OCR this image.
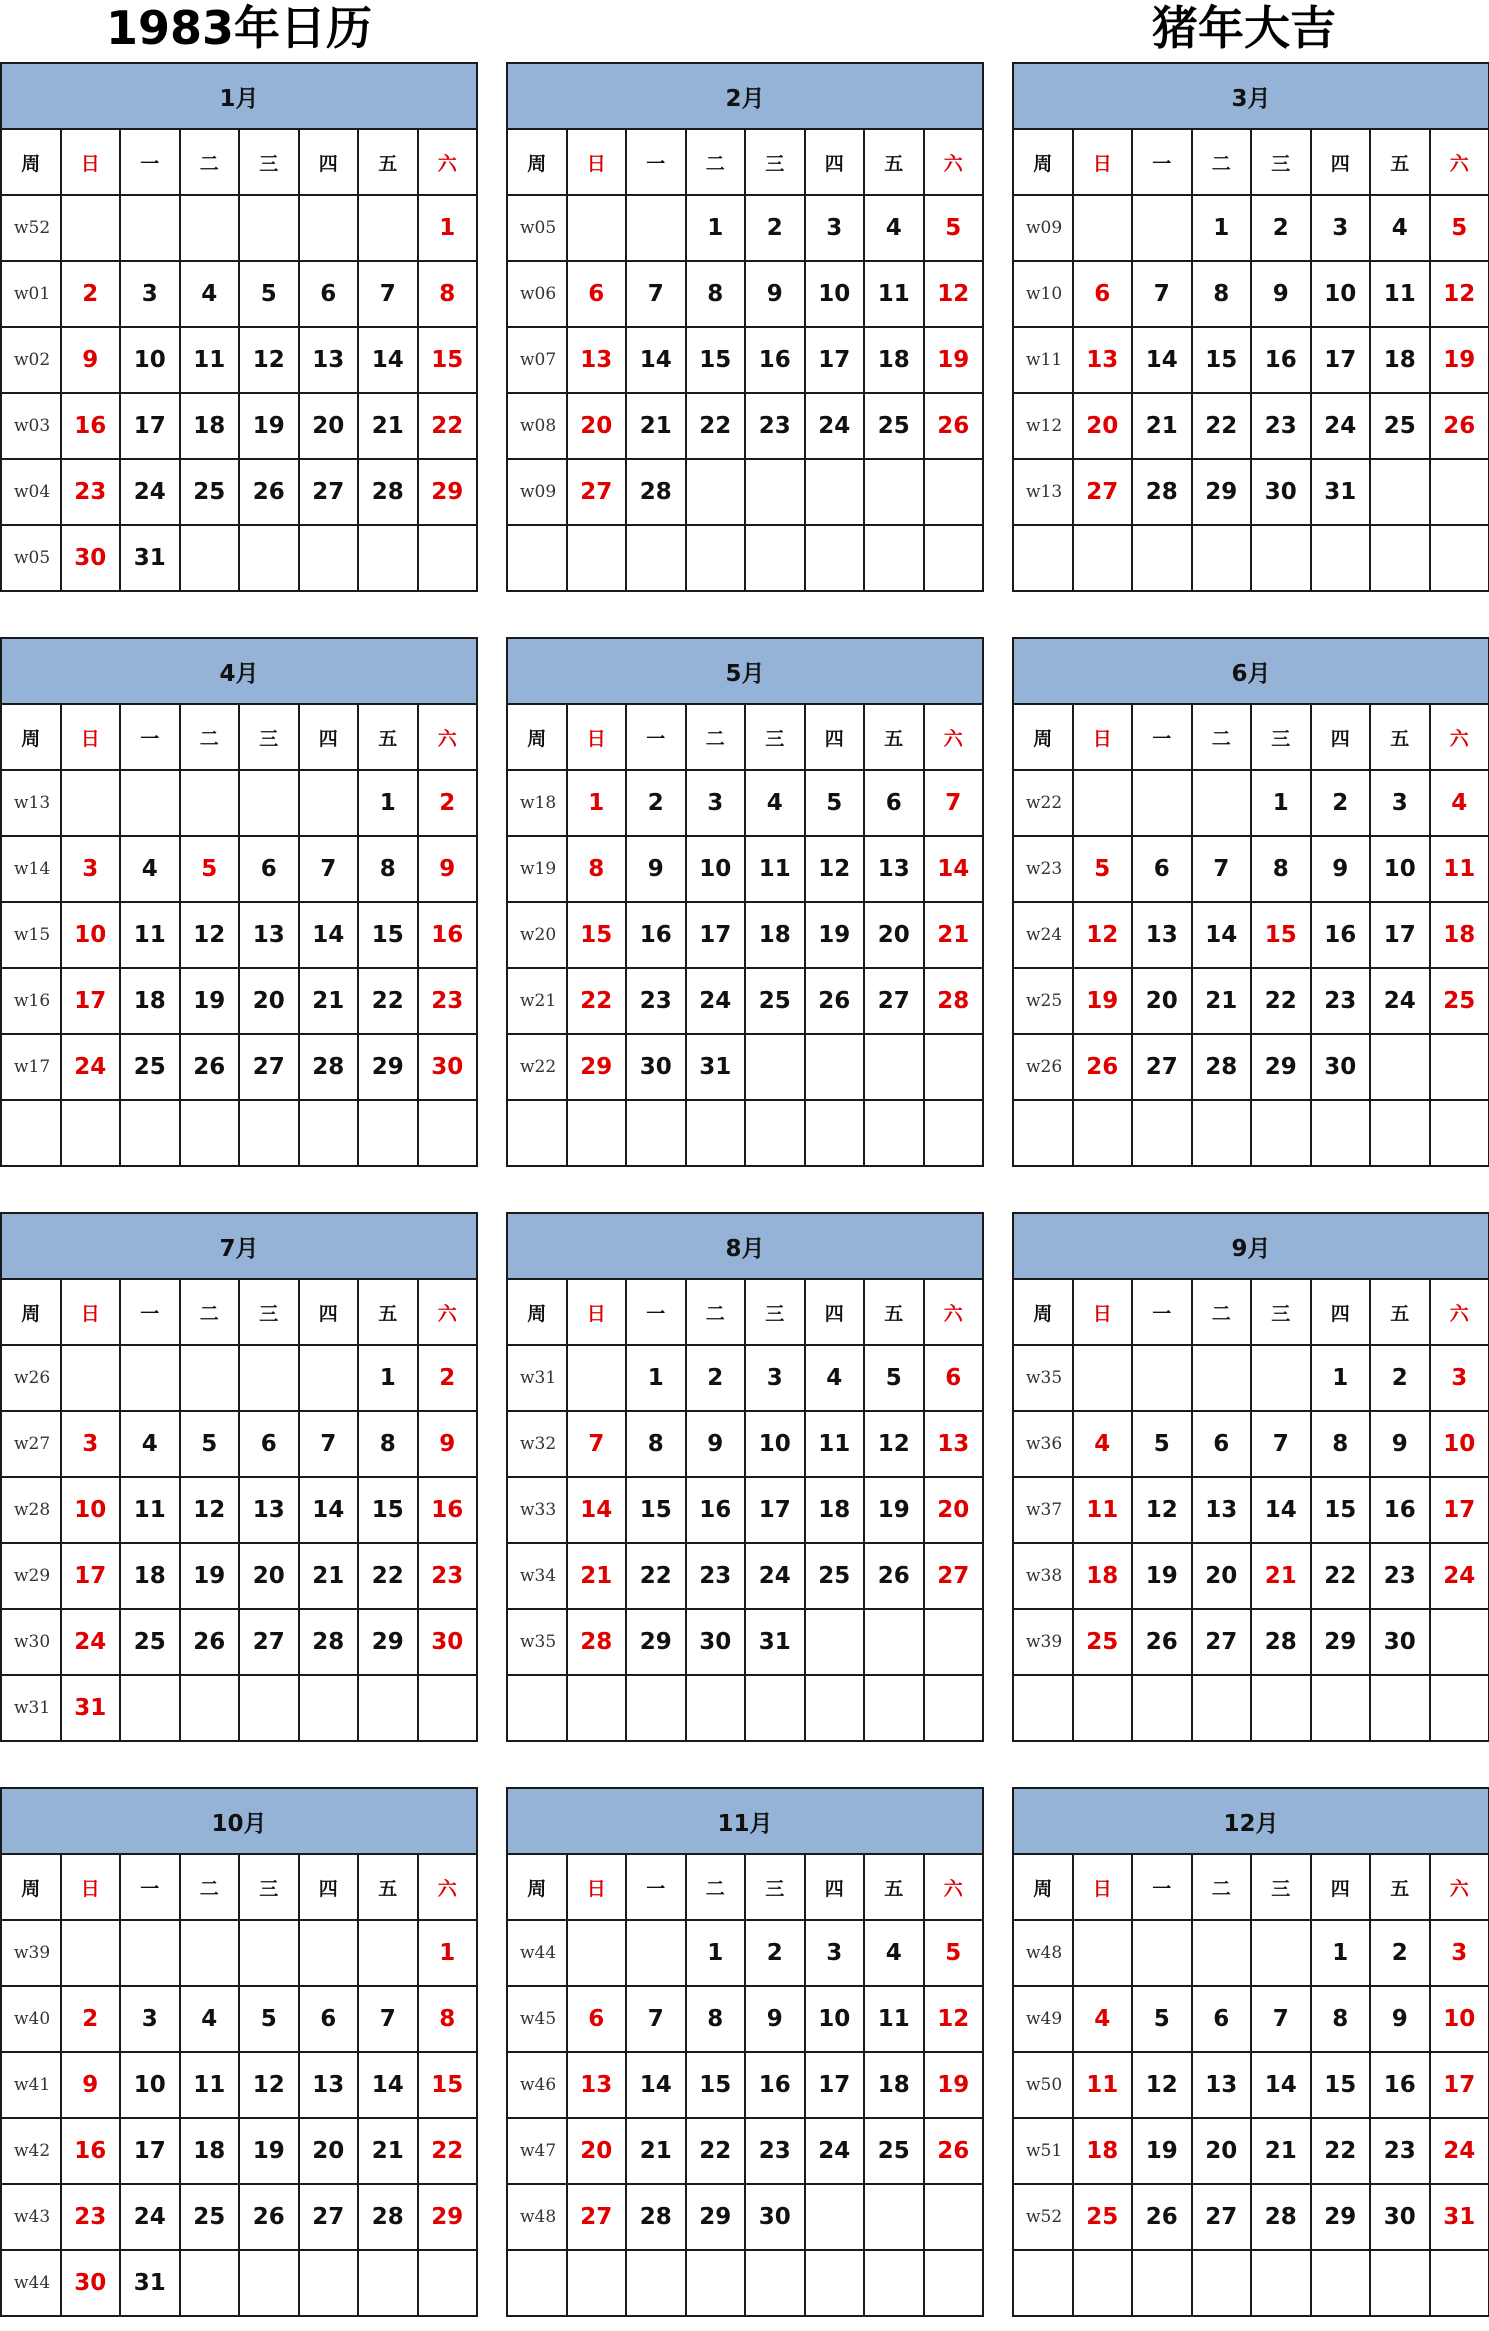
1983年日历	猪年大吉
1月							
周	日	一	二	三	四	五	六
w52							1
w01	2	3	4	5	6	7	8
w02	9	10	11	12	13	14	15
w03	16	17	18	19	20	21	22
w04	23	24	25	26	27	28	29
w05	30	31					
2月							
周	日	一	二	三	四	五	六
w05			1	2	3	4	5
w06	6	7	8	9	10	11	12
w07	13	14	15	16	17	18	19
w08	20	21	22	23	24	25	26
w09	27	28					

3月							
周	日	一	二	三	四	五	六
w09			1	2	3	4	5
w10	6	7	8	9	10	11	12
w11	13	14	15	16	17	18	19
w12	20	21	22	23	24	25	26
w13	27	28	29	30	31		

4月							
周	日	一	二	三	四	五	六
w13						1	2
w14	3	4	5	6	7	8	9
w15	10	11	12	13	14	15	16
w16	17	18	19	20	21	22	23
w17	24	25	26	27	28	29	30

5月							
周	日	一	二	三	四	五	六
w18	1	2	3	4	5	6	7
w19	8	9	10	11	12	13	14
w20	15	16	17	18	19	20	21
w21	22	23	24	25	26	27	28
w22	29	30	31				

6月							
周	日	一	二	三	四	五	六
w22				1	2	3	4
w23	5	6	7	8	9	10	11
w24	12	13	14	15	16	17	18
w25	19	20	21	22	23	24	25
w26	26	27	28	29	30		

7月							
周	日	一	二	三	四	五	六
w26						1	2
w27	3	4	5	6	7	8	9
w28	10	11	12	13	14	15	16
w29	17	18	19	20	21	22	23
w30	24	25	26	27	28	29	30
w31	31						
8月							
周	日	一	二	三	四	五	六
w31		1	2	3	4	5	6
w32	7	8	9	10	11	12	13
w33	14	15	16	17	18	19	20
w34	21	22	23	24	25	26	27
w35	28	29	30	31			

9月							
周	日	一	二	三	四	五	六
w35					1	2	3
w36	4	5	6	7	8	9	10
w37	11	12	13	14	15	16	17
w38	18	19	20	21	22	23	24
w39	25	26	27	28	29	30	

10月							
周	日	一	二	三	四	五	六
w39							1
w40	2	3	4	5	6	7	8
w41	9	10	11	12	13	14	15
w42	16	17	18	19	20	21	22
w43	23	24	25	26	27	28	29
w44	30	31					
11月							
周	日	一	二	三	四	五	六
w44			1	2	3	4	5
w45	6	7	8	9	10	11	12
w46	13	14	15	16	17	18	19
w47	20	21	22	23	24	25	26
w48	27	28	29	30			

12月							
周	日	一	二	三	四	五	六
w48					1	2	3
w49	4	5	6	7	8	9	10
w50	11	12	13	14	15	16	17
w51	18	19	20	21	22	23	24
w52	25	26	27	28	29	30	31
